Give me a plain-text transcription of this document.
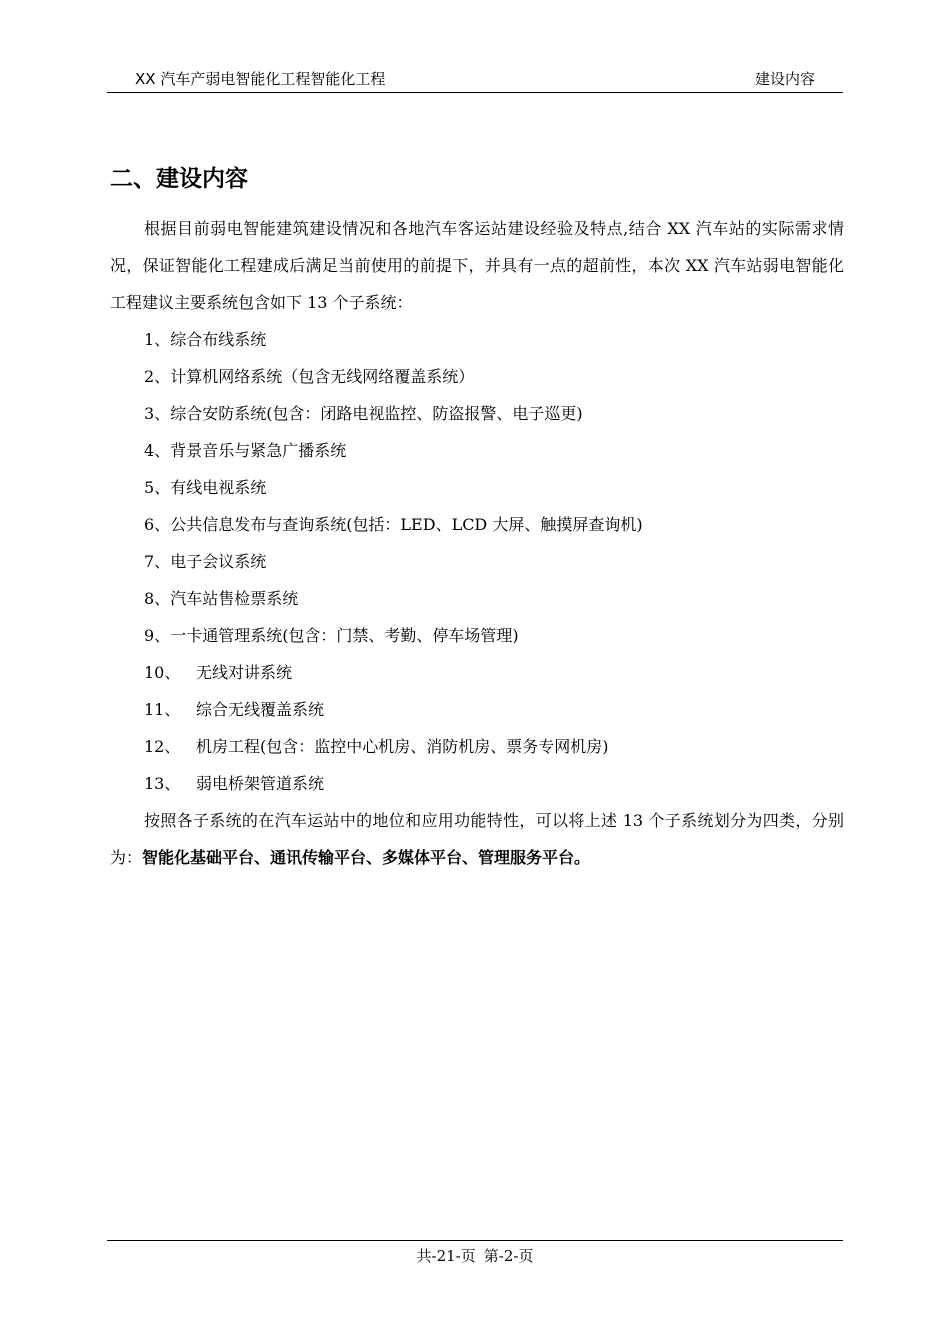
XX 汽车产弱电智能化工程智能化工程	建设内容
二、建设内容

根据目前弱电智能建筑建设情况和各地汽车客运站建设经验及特点,结合 XX 汽车站的实际需求情况，保证智能化工程建成后满足当前使用的前提下，并具有一点的超前性，本次 XX 汽车站弱电智能化工程建议主要系统包含如下 13 个子系统：

1、综合布线系统

2、计算机网络系统（包含无线网络覆盖系统）

3、综合安防系统(包含：闭路电视监控、防盗报警、电子巡更)

4、背景音乐与紧急广播系统

5、有线电视系统

6、公共信息发布与查询系统(包括：LED、LCD 大屏、触摸屏查询机)

7、电子会议系统

8、汽车站售检票系统

9、一卡通管理系统(包含：门禁、考勤、停车场管理)

10、 无线对讲系统

11、 综合无线覆盖系统

12、 机房工程(包含：监控中心机房、消防机房、票务专网机房)

13、 弱电桥架管道系统

按照各子系统的在汽车运站中的地位和应用功能特性，可以将上述 13 个子系统划分为四类，分别为：智能化基础平台、通讯传输平台、多媒体平台、管理服务平台。

共-21-页 第-2-页
